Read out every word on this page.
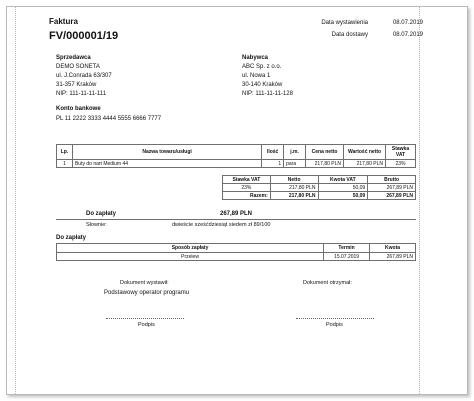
Faktura
FV/000001/19
Data wystawienia	08.07.2019
Data dostawy	08.07.2019
Sprzedawca
DEMO SONETA
ul. J.Conrada 63/307
31-357 Kraków
NIP: 111-11-11-111
Nabywca
ABC Sp. z o.o.
ul. Nowa 1
30-140 Kraków
NIP: 111-11-11-128
Konto bankowe
PL 11 2222 3333 4444 5555 6666 7777
Lp.	Nazwa towaru/usługi	Ilość	j.m.	Cena netto	Wartość netto	Stawka VAT
1	Buty do nart Medium 44	1	para	217,80 PLN	217,80 PLN	23%
Stawka VAT	Netto	Kwota VAT	Brutto
23%	217,80 PLN	50,09	267,89 PLN
Razem:	217,80 PLN	50,09	267,89 PLN
Do zapłaty	267,89 PLN
Słownie:	dwieście sześćdziesiąt siedem zł 89/100
Do zapłaty
Sposób zapłaty	Termin	Kwota
Przelew	15.07.2019	267,89 PLN
Dokument wystawił:
Podstawowy operator programu
Dokument otrzymał:
Podpis	Podpis
